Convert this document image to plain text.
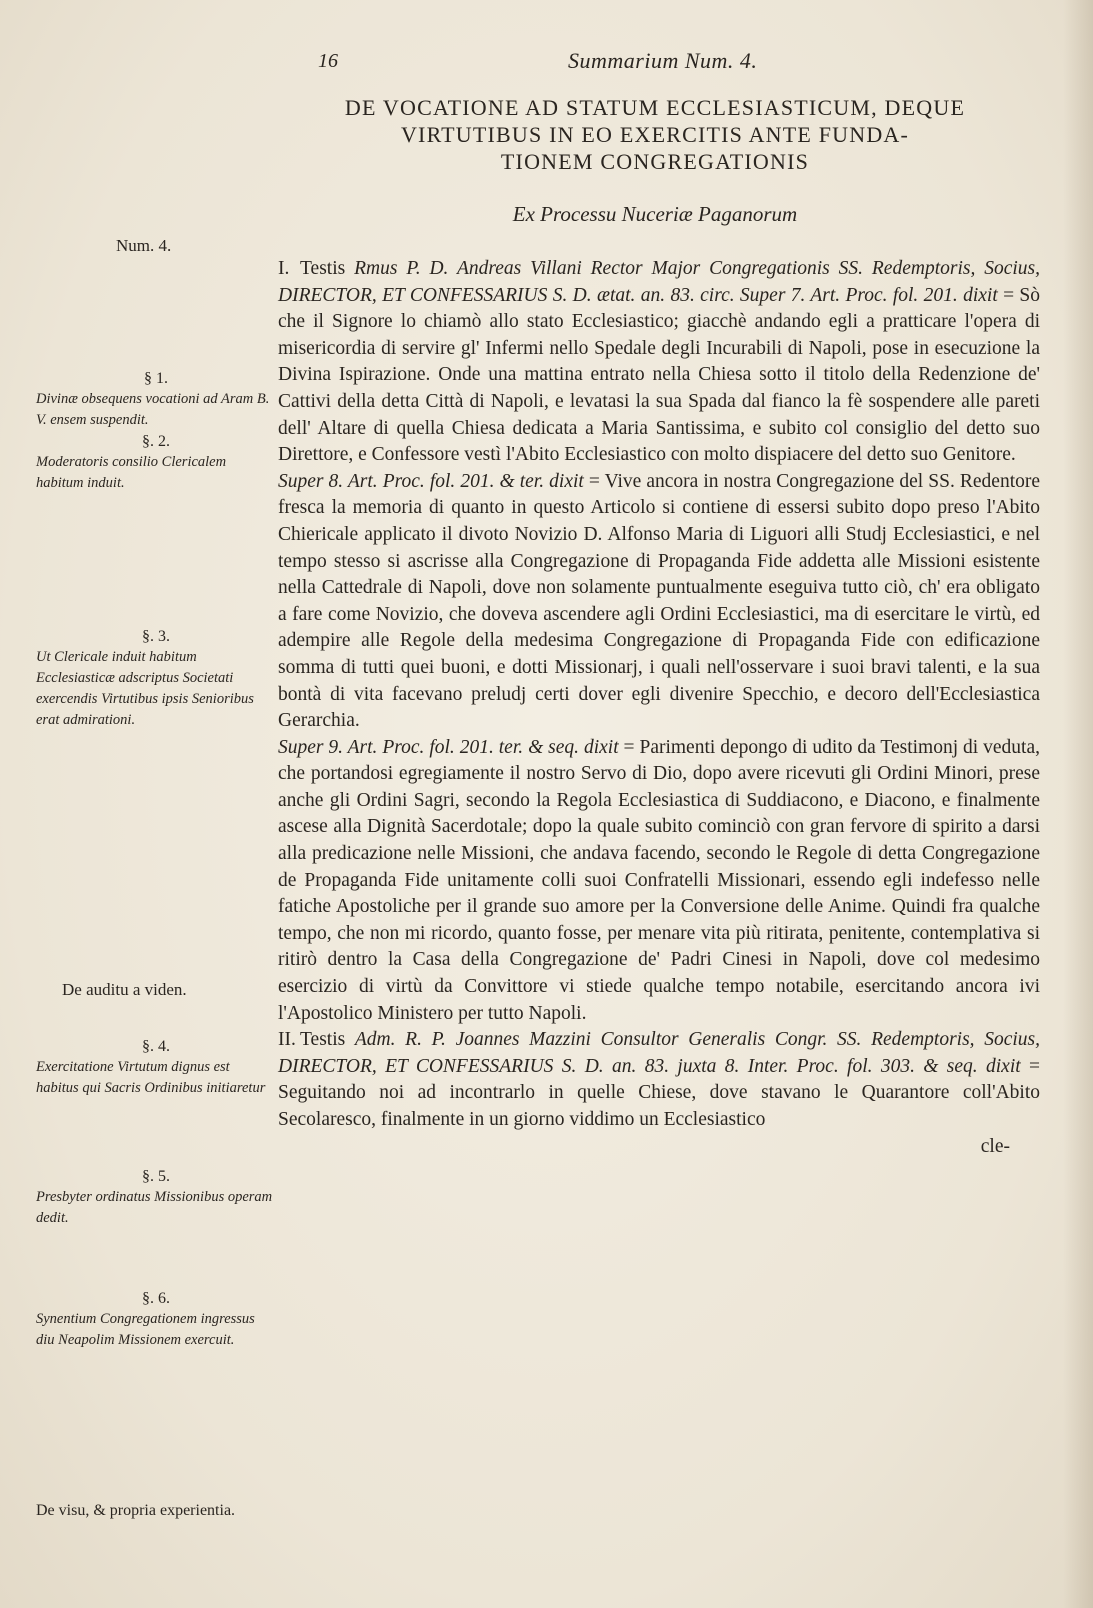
16	Summarium Num. 4.
DE VOCATIONE AD STATUM ECCLESIASTICUM, DEQUE
VIRTUTIBUS IN EO EXERCITIS ANTE FUNDA-
TIONEM CONGREGATIONIS
Ex Processu Nuceriæ Paganorum
Num. 4.
§ 1.
Divinæ obsequens vocationi ad Aram B. V. ensem suspendit.
§. 2.
Moderatoris consilio Clericalem habitum induit.
§. 3.
Ut Clericale induit habitum Ecclesiasticæ adscriptus Societati exercendis Virtutibus ipsis Senioribus erat admirationi.
De auditu a viden.
§. 4.
Exercitatione Virtutum dignus est habitus qui Sacris Ordinibus initiaretur
§. 5.
Presbyter ordinatus Missionibus operam dedit.
§. 6.
Synentium Congregationem ingressus diu Neapolim Missionem exercuit.
De visu, & propria experientia.

I. Testis Rmus P. D. Andreas Villani Rector Major Congregationis SS. Redemptoris, Socius, DIRECTOR, ET CONFESSARIUS S. D. ætat. an. 83. circ. Super 7. Art. Proc. fol. 201. dixit = Sò che il Signore lo chiamò allo stato Ecclesiastico; giacchè andando egli a pratticare l'opera di misericordia di servire gl' Infermi nello Spedale degli Incurabili di Napoli, pose in esecuzione la Divina Ispirazione. Onde una mattina entrato nella Chiesa sotto il titolo della Redenzione de' Cattivi della detta Città di Napoli, e levatasi la sua Spada dal fianco la fè sospendere alle pareti dell' Altare di quella Chiesa dedicata a Maria Santissima, e subito col consiglio del detto suo Direttore, e Confessore vestì l'Abito Ecclesiastico con molto dispiacere del detto suo Genitore.

Super 8. Art. Proc. fol. 201. & ter. dixit = Vive ancora in nostra Congregazione del SS. Redentore fresca la memoria di quanto in questo Articolo si contiene di essersi subito dopo preso l'Abito Chiericale applicato il divoto Novizio D. Alfonso Maria di Liguori alli Studj Ecclesiastici, e nel tempo stesso si ascrisse alla Congregazione di Propaganda Fide addetta alle Missioni esistente nella Cattedrale di Napoli, dove non solamente puntualmente eseguiva tutto ciò, ch' era obligato a fare come Novizio, che doveva ascendere agli Ordini Ecclesiastici, ma di esercitare le virtù, ed adempire alle Regole della medesima Congregazione di Propaganda Fide con edificazione somma di tutti quei buoni, e dotti Missionarj, i quali nell'osservare i suoi bravi talenti, e la sua bontà di vita facevano preludj certi dover egli divenire Specchio, e decoro dell'Ecclesiastica Gerarchia.

Super 9. Art. Proc. fol. 201. ter. & seq. dixit = Parimenti depongo di udito da Testimonj di veduta, che portandosi egregiamente il nostro Servo di Dio, dopo avere ricevuti gli Ordini Minori, prese anche gli Ordini Sagri, secondo la Regola Ecclesiastica di Suddiacono, e Diacono, e finalmente ascese alla Dignità Sacerdotale; dopo la quale subito cominciò con gran fervore di spirito a darsi alla predicazione nelle Missioni, che andava facendo, secondo le Regole di detta Congregazione de Propaganda Fide unitamente colli suoi Confratelli Missionari, essendo egli indefesso nelle fatiche Apostoliche per il grande suo amore per la Conversione delle Anime. Quindi fra qualche tempo, che non mi ricordo, quanto fosse, per menare vita più ritirata, penitente, contemplativa si ritirò dentro la Casa della Congregazione de' Padri Cinesi in Napoli, dove col medesimo esercizio di virtù da Convittore vi stiede qualche tempo notabile, esercitando ancora ivi l'Apostolico Ministero per tutto Napoli.

II. Testis Adm. R. P. Joannes Mazzini Consultor Generalis Congr. SS. Redemptoris, Socius, DIRECTOR, ET CONFESSARIUS S. D. an. 83. juxta 8. Inter. Proc. fol. 303. & seq. dixit = Seguitando noi ad incontrarlo in quelle Chiese, dove stavano le Quarantore coll'Abito Secolaresco, finalmente in un giorno viddimo un Ecclesiastico

cle-
